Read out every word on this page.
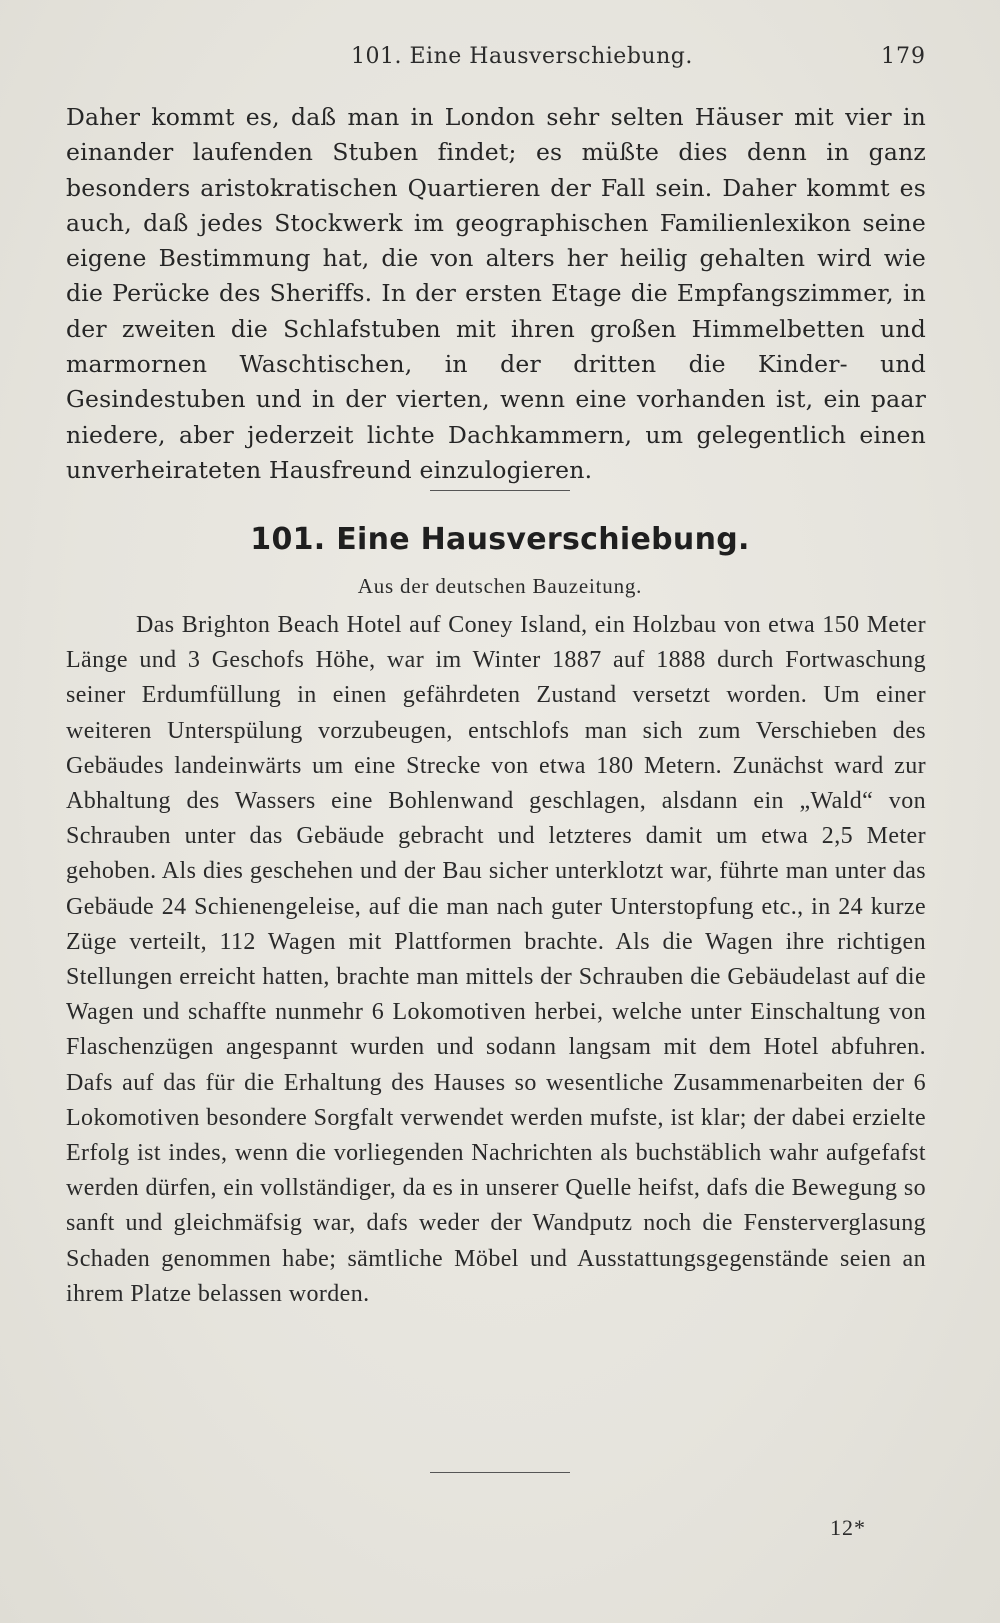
101. Eine Hausverschiebung.	179

Daher kommt es, daß man in London sehr selten Häuser mit vier in einander laufenden Stuben findet; es müßte dies denn in ganz besonders aristokratischen Quartieren der Fall sein. Daher kommt es auch, daß jedes Stockwerk im geographischen Familienlexikon seine eigene Bestimmung hat, die von alters her heilig gehalten wird wie die Perücke des Sheriffs. In der ersten Etage die Empfangszimmer, in der zweiten die Schlafstuben mit ihren großen Himmelbetten und marmornen Waschtischen, in der dritten die Kinder- und Gesindestuben und in der vierten, wenn eine vorhanden ist, ein paar niedere, aber jederzeit lichte Dachkammern, um gelegentlich einen unverheirateten Hausfreund einzulogieren.

101. Eine Hausverschiebung.

Aus der deutschen Bauzeitung.

Das Brighton Beach Hotel auf Coney Island, ein Holzbau von etwa 150 Meter Länge und 3 Geschofs Höhe, war im Winter 1887 auf 1888 durch Fortwaschung seiner Erdumfüllung in einen gefährdeten Zustand versetzt worden. Um einer weiteren Unterspülung vorzubeugen, entschlofs man sich zum Verschieben des Gebäudes landeinwärts um eine Strecke von etwa 180 Metern. Zunächst ward zur Abhaltung des Wassers eine Bohlenwand geschlagen, alsdann ein „Wald“ von Schrauben unter das Gebäude gebracht und letzteres damit um etwa 2,5 Meter gehoben. Als dies geschehen und der Bau sicher unterklotzt war, führte man unter das Gebäude 24 Schienengeleise, auf die man nach guter Unterstopfung etc., in 24 kurze Züge verteilt, 112 Wagen mit Plattformen brachte. Als die Wagen ihre richtigen Stellungen erreicht hatten, brachte man mittels der Schrauben die Gebäudelast auf die Wagen und schaffte nunmehr 6 Lokomotiven herbei, welche unter Einschaltung von Flaschenzügen angespannt wurden und sodann langsam mit dem Hotel abfuhren. Dafs auf das für die Erhaltung des Hauses so wesentliche Zusammenarbeiten der 6 Lokomotiven besondere Sorgfalt verwendet werden mufste, ist klar; der dabei erzielte Erfolg ist indes, wenn die vorliegenden Nachrichten als buchstäblich wahr aufgefafst werden dürfen, ein vollständiger, da es in unserer Quelle heifst, dafs die Bewegung so sanft und gleichmäfsig war, dafs weder der Wandputz noch die Fensterverglasung Schaden genommen habe; sämtliche Möbel und Ausstattungsgegenstände seien an ihrem Platze belassen worden.

12*
